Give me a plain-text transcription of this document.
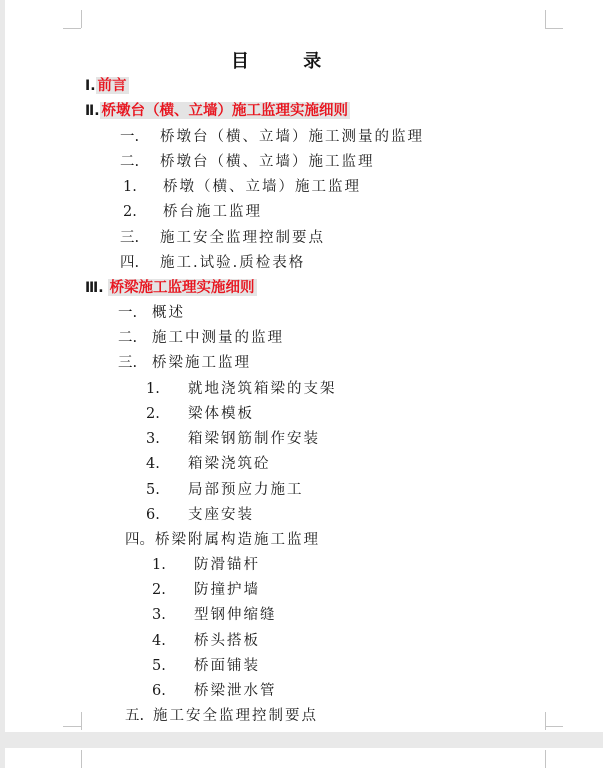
目 录
Ⅰ. 前言
Ⅱ. 桥墩台（横、立墙）施工监理实施细则
一. 桥墩台（横、立墙）施工测量的监理
二. 桥墩台（横、立墙）施工监理
1. 桥墩（横、立墙）施工监理
2. 桥台施工监理
三. 施工安全监理控制要点
四. 施工.试验.质检表格
Ⅲ. 桥梁施工监理实施细则
一. 概述
二. 施工中测量的监理
三. 桥梁施工监理
1. 就地浇筑箱梁的支架
2. 梁体模板
3. 箱梁钢筋制作安装
4. 箱梁浇筑砼
5. 局部预应力施工
6. 支座安装
四。桥梁附属构造施工监理
1. 防滑锚杆
2. 防撞护墙
3. 型钢伸缩缝
4. 桥头搭板
5. 桥面铺装
6. 桥梁泄水管
五. 施工安全监理控制要点
